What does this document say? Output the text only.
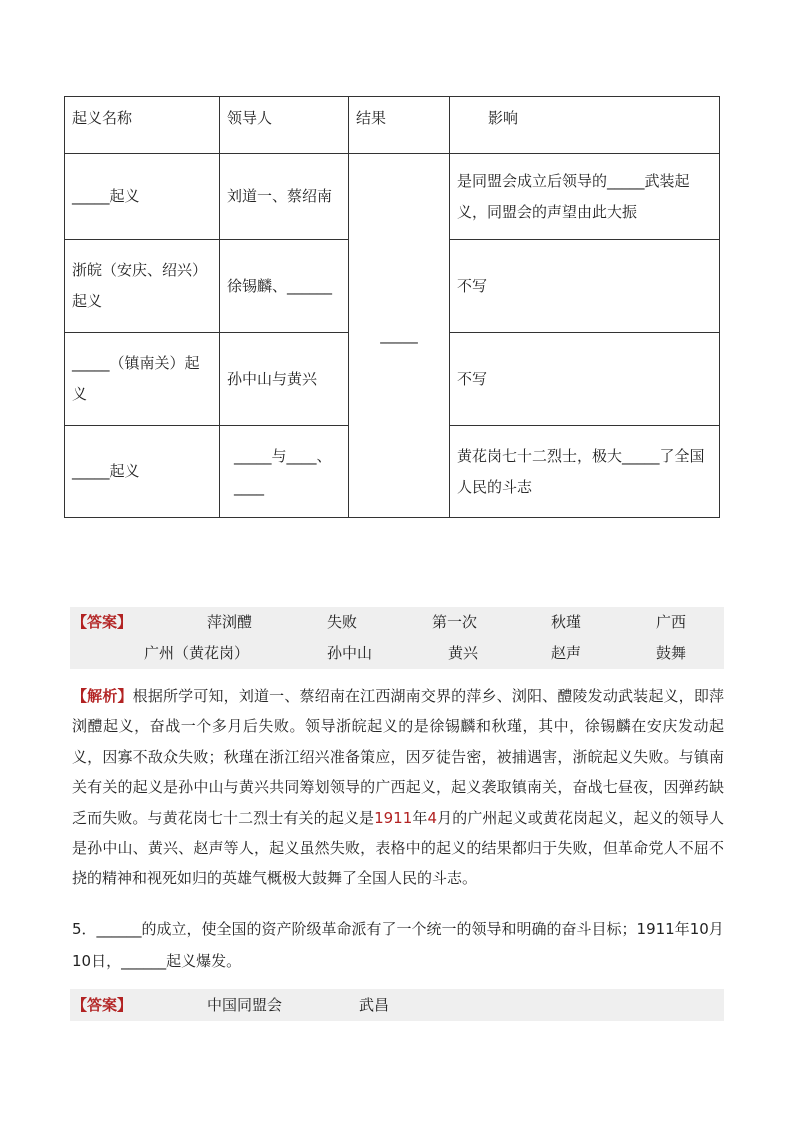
起义名称	领导人	结果	影响
_____起义	刘道一、蔡绍南	_____	是同盟会成立后领导的_____武装起义，同盟会的声望由此大振
浙皖（安庆、绍兴）起义	徐锡麟、______		不写
_____（镇南关）起义	孙中山与黄兴		不写
_____起义	_____与____、____		黄花岗七十二烈士，极大_____了全国人民的斗志
【答案】	萍浏醴	失败	第一次	秋瑾	广西
广州（黄花岗）	孙中山	黄兴	赵声	鼓舞
【解析】根据所学可知，刘道一、蔡绍南在江西湖南交界的萍乡、浏阳、醴陵发动武装起义，即萍浏醴起义，奋战一个多月后失败。领导浙皖起义的是徐锡麟和秋瑾，其中，徐锡麟在安庆发动起义，因寡不敌众失败；秋瑾在浙江绍兴准备策应，因歹徒告密，被捕遇害，浙皖起义失败。与镇南关有关的起义是孙中山与黄兴共同筹划领导的广西起义，起义袭取镇南关，奋战七昼夜，因弹药缺乏而失败。与黄花岗七十二烈士有关的起义是1911年4月的广州起义或黄花岗起义，起义的领导人是孙中山、黄兴、赵声等人，起义虽然失败，表格中的起义的结果都归于失败，但革命党人不屈不挠的精神和视死如归的英雄气概极大鼓舞了全国人民的斗志。
5．______的成立，使全国的资产阶级革命派有了一个统一的领导和明确的奋斗目标；1911年10月10日，______起义爆发。
【答案】	中国同盟会	武昌
